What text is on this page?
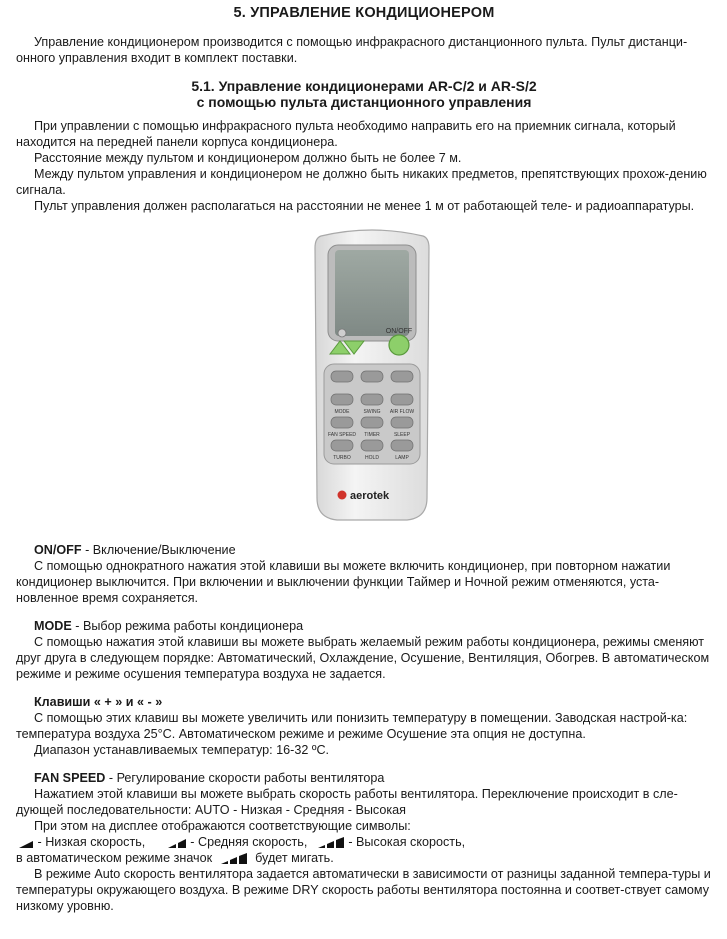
5. УПРАВЛЕНИЕ КОНДИЦИОНЕРОМ

Управление кондиционером производится с помощью инфракрасного дистанционного пульта. Пульт дистанци-онного управления входит в комплект поставки.

5.1. Управление кондиционерами AR-C/2 и AR-S/2
с помощью пульта дистанционного управления

При управлении с помощью инфракрасного пульта необходимо направить его на приемник сигнала, который находится на передней панели корпуса кондиционера.

Расстояние между пультом и кондиционером должно быть не более 7 м.

Между пультом управления и кондиционером не должно быть никаких предметов, препятствующих прохож-дению сигнала.

Пульт управления должен располагаться на расстоянии не менее 1 м от работающей теле- и радиоаппаратуры.

ON/OFF
MODE	SWING AIR FLOW
FAN SPEED TIMER	SLEEP
TURBO	HOLD	LAMP
aerotek
ON/OFF - Включение/Выключение

С помощью однократного нажатия этой клавиши вы можете включить кондиционер, при повторном нажатии кондиционер выключится. При включении и выключении функции Таймер и Ночной режим отменяются, уста-новленное время сохраняется.

MODE - Выбор режима работы кондиционера

С помощью нажатия этой клавиши вы можете выбрать желаемый режим работы кондиционера, режимы сменяют друг друга в следующем порядке: Автоматический, Охлаждение, Осушение, Вентиляция, Обогрев. В автоматическом режиме и режиме осушения температура воздуха не задается.

Клавиши « + » и « - »

С помощью этих клавиш вы можете увеличить или понизить температуру в помещении. Заводская настрой-ка: температура воздуха 25°С. Автоматическом режиме и режиме Осушение эта опция не доступна.

Диапазон устанавливаемых температур: 16-32 ºС.

FAN SPEED - Регулирование скорости работы вентилятора

Нажатием этой клавиши вы можете выбрать скорость работы вентилятора. Переключение происходит в сле-дующей последовательности: AUTO - Низкая - Средняя - Высокая

При этом на дисплее отображаются соответствующие символы:

- Низкая скорость,	- Средняя скорость,	- Высокая скорость,
в автоматическом режиме значок	будет мигать.

В режиме Auto скорость вентилятора задается автоматически в зависимости от разницы заданной темпера-туры и температуры окружающего воздуха. В режиме DRY скорость работы вентилятора постоянна и соответ-ствует самому низкому уровню.
